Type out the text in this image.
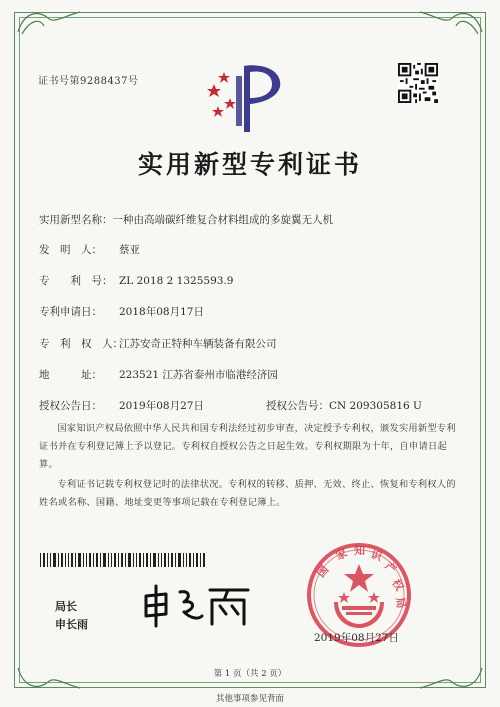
证书号第9288437号
实用新型专利证书
实用新型名称：一种由高端碳纤维复合材料组成的多旋翼无人机
发　明　人： 蔡亚
专　　利　号： ZL 2018 2 1325593.9
专利申请日： 2018年08月17日
专　利　权　人：江苏安奇正特种车辆装备有限公司
地　　　址： 223521 江苏省泰州市临港经济园
授权公告日： 2019年08月27日	授权公告号：CN 209305816 U
国家知识产权局依照中华人民共和国专利法经过初步审查，决定授予专利权，颁发实用新型专利证书并在专利登记簿上予以登记。专利权自授权公告之日起生效。专利权期限为十年，自申请日起算。
专利证书记载专利权登记时的法律状况。专利权的转移、质押、无效、终止、恢复和专利权人的姓名或名称、国籍、地址变更等事项记载在专利登记簿上。
局长
申长雨
国
家 知 识
产
权
局
2019年08月27日
第 1 页（共 2 页）
其他事项参见背面
